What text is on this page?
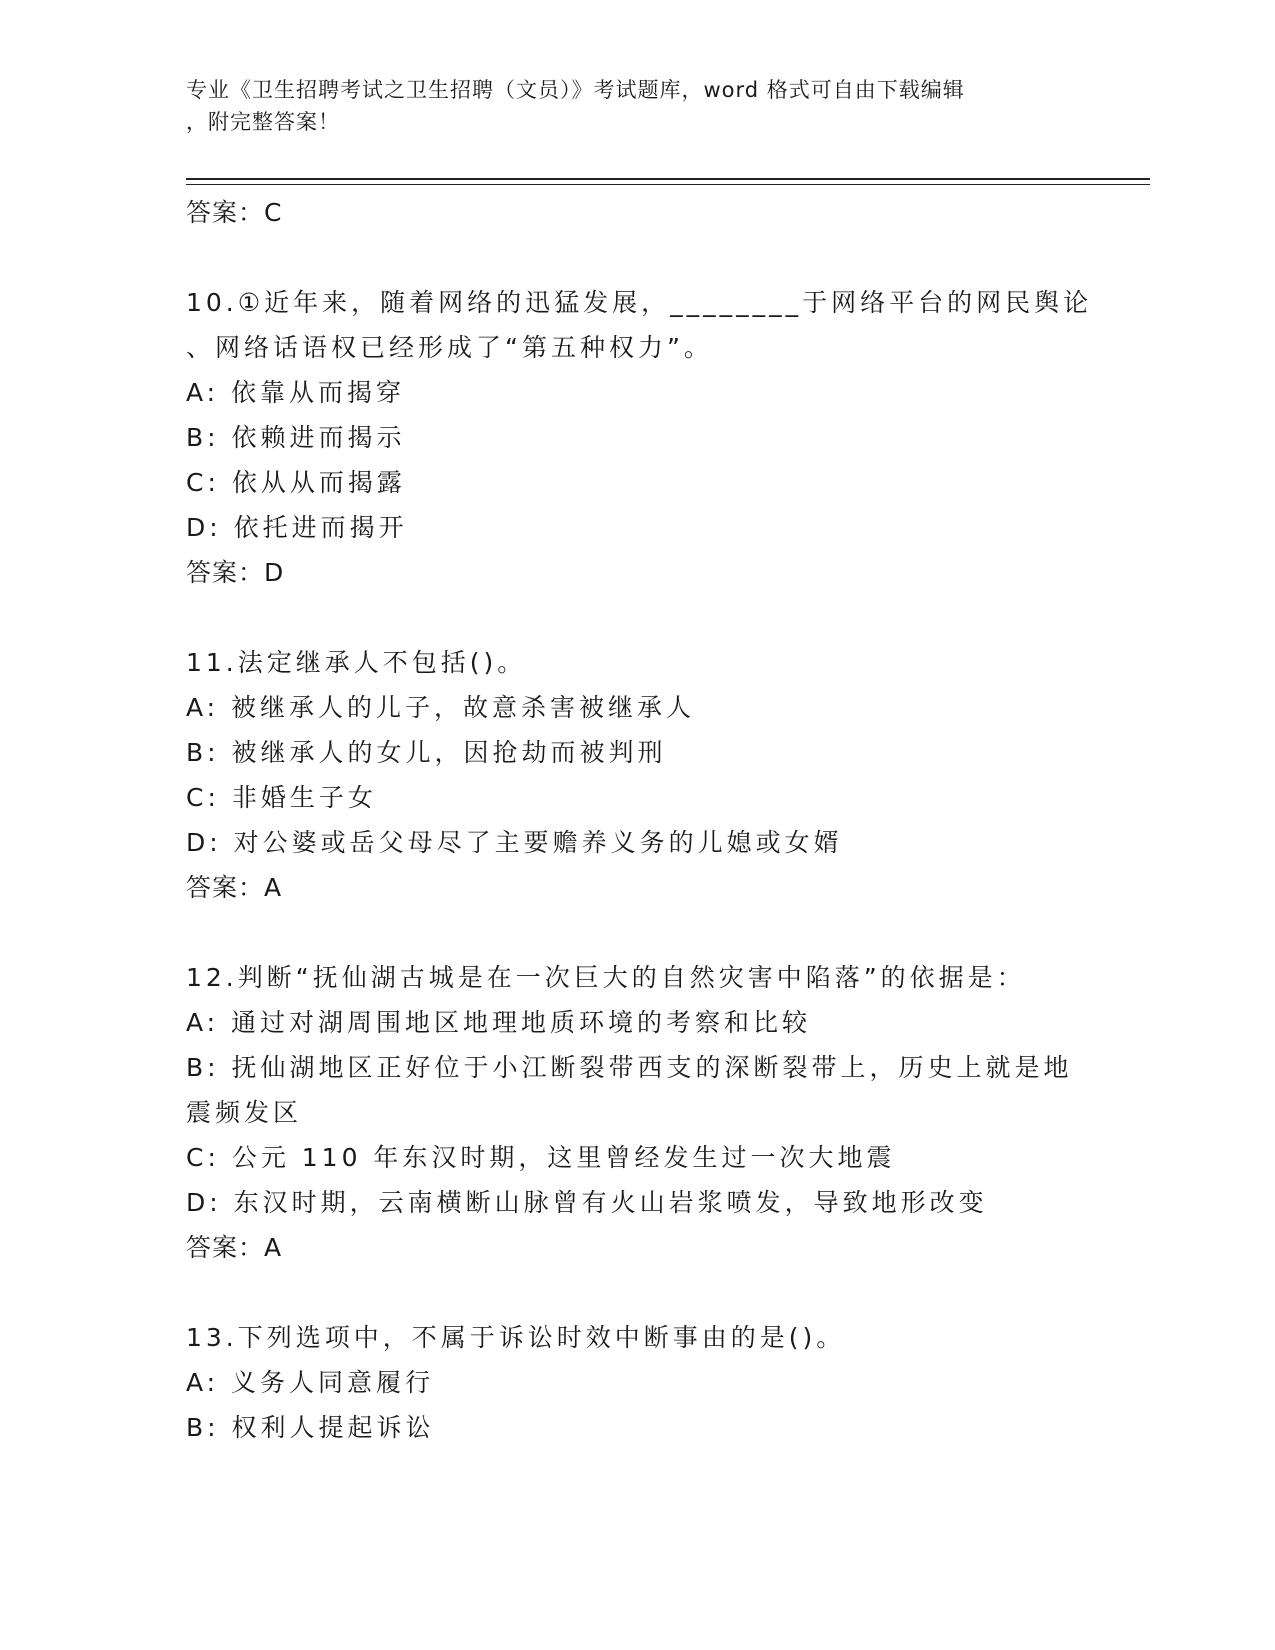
专业《卫生招聘考试之卫生招聘（文员）》考试题库，word 格式可自由下载编辑
，附完整答案！
答案：C
10.①近年来，随着网络的迅猛发展，________于网络平台的网民舆论
、网络话语权已经形成了“第五种权力”。
A: 依靠从而揭穿
B: 依赖进而揭示
C: 依从从而揭露
D: 依托进而揭开
答案：D
11.法定继承人不包括()。
A: 被继承人的儿子，故意杀害被继承人
B: 被继承人的女儿，因抢劫而被判刑
C: 非婚生子女
D: 对公婆或岳父母尽了主要赡养义务的儿媳或女婿
答案：A
12.判断“抚仙湖古城是在一次巨大的自然灾害中陷落”的依据是：
A: 通过对湖周围地区地理地质环境的考察和比较
B: 抚仙湖地区正好位于小江断裂带西支的深断裂带上，历史上就是地
震频发区
C: 公元 110 年东汉时期，这里曾经发生过一次大地震
D: 东汉时期，云南横断山脉曾有火山岩浆喷发，导致地形改变
答案：A
13.下列选项中，不属于诉讼时效中断事由的是()。
A: 义务人同意履行
B: 权利人提起诉讼
